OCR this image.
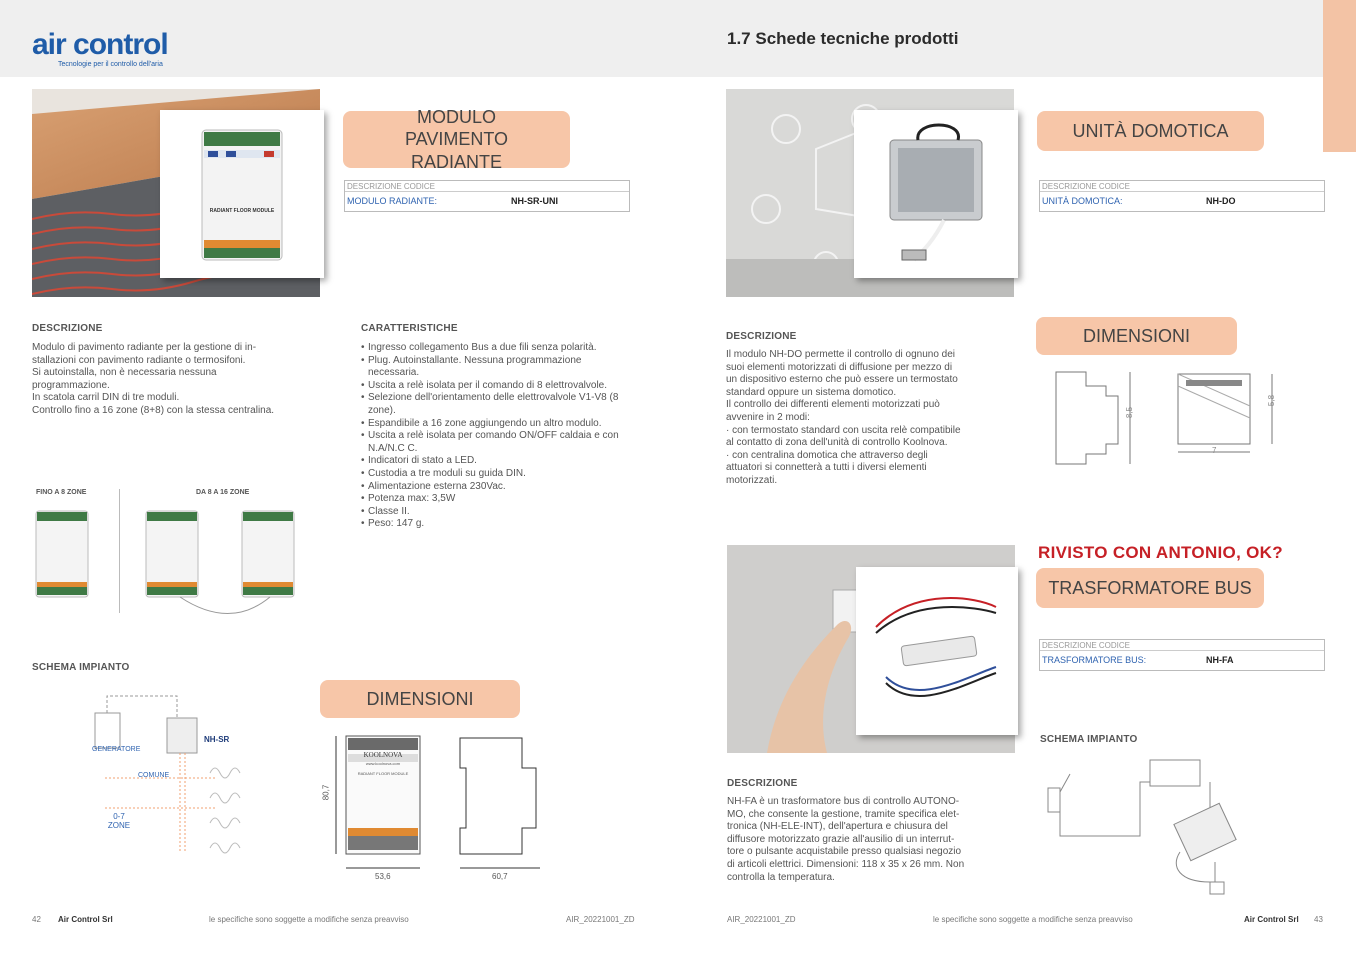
air control
Tecnologie per il controllo dell'aria
1.7 Schede tecniche prodotti
RADIANT FLOOR MODULE
MODULO PAVIMENTO RADIANTE
DESCRIZIONE CODICE
MODULO RADIANTE:	NH-SR-UNI
DESCRIZIONE

Modulo di pavimento radiante per la gestione di in-

stallazioni con pavimento radiante o termosifoni.

Si autoinstalla, non è necessaria nessuna

programmazione.

In scatola carril DIN di tre moduli.

Controllo fino a 16 zone (8+8) con la stessa centralina.

CARATTERISTICHE
• Ingresso collegamento Bus a due fili senza polarità.
• Plug. Autoinstallante. Nessuna programmazione necessaria.
• Uscita a relè isolata per il comando di 8 elettrovalvole.
• Selezione dell'orientamento delle elettrovalvole V1-V8 (8 zone).
• Espandibile a 16 zone aggiungendo un altro modulo.
• Uscita a relè isolata per comando ON/OFF caldaia e con N.A/N.C C.
• Indicatori di stato a LED.
• Custodia a tre moduli su guida DIN.
• Alimentazione esterna 230Vac.
• Potenza max: 3,5W
• Classe II.
• Peso: 147 g.
FINO A 8 ZONE	DA 8 A 16 ZONE
SCHEMA IMPIANTO
GENERATORE
NH-SR
COMUNE
0-7 ZONE
DIMENSIONI
KOOLNOVA
www.koolnova.com
RADIANT FLOOR MODULE
80,7
53,6	60,7
42 Air Control Srl	le specifiche sono soggette a modifiche senza preavviso	AIR_20221001_ZD
UNITÀ DOMOTICA
DESCRIZIONE CODICE
UNITÀ DOMOTICA:	NH-DO
DESCRIZIONE

Il modulo NH-DO permette il controllo di ognuno dei

suoi elementi motorizzati di diffusione per mezzo di

un dispositivo esterno che può essere un termostato

standard oppure un sistema domotico.

Il controllo dei differenti elementi motorizzati può

avvenire in 2 modi:

· con termostato standard con uscita relè compatibile

al contatto di zona dell'unità di controllo Koolnova.

· con centralina domotica che attraverso degli

attuatori si connetterà a tutti i diversi elementi

motorizzati.

DIMENSIONI
8,5
5,8
7
RIVISTO CON ANTONIO, OK?
TRASFORMATORE BUS
DESCRIZIONE CODICE
TRASFORMATORE BUS:	NH-FA
SCHEMA IMPIANTO
DESCRIZIONE

NH-FA è un trasformatore bus di controllo AUTONO-

MO, che consente la gestione, tramite specifica elet-

tronica (NH-ELE-INT), dell'apertura e chiusura del

diffusore motorizzato grazie all'ausilio di un interrut-

tore o pulsante acquistabile presso qualsiasi negozio

di articoli elettrici. Dimensioni: 118 x 35 x 26 mm. Non

controlla la temperatura.

AIR_20221001_ZD	le specifiche sono soggette a modifiche senza preavviso	Air Control Srl 43
